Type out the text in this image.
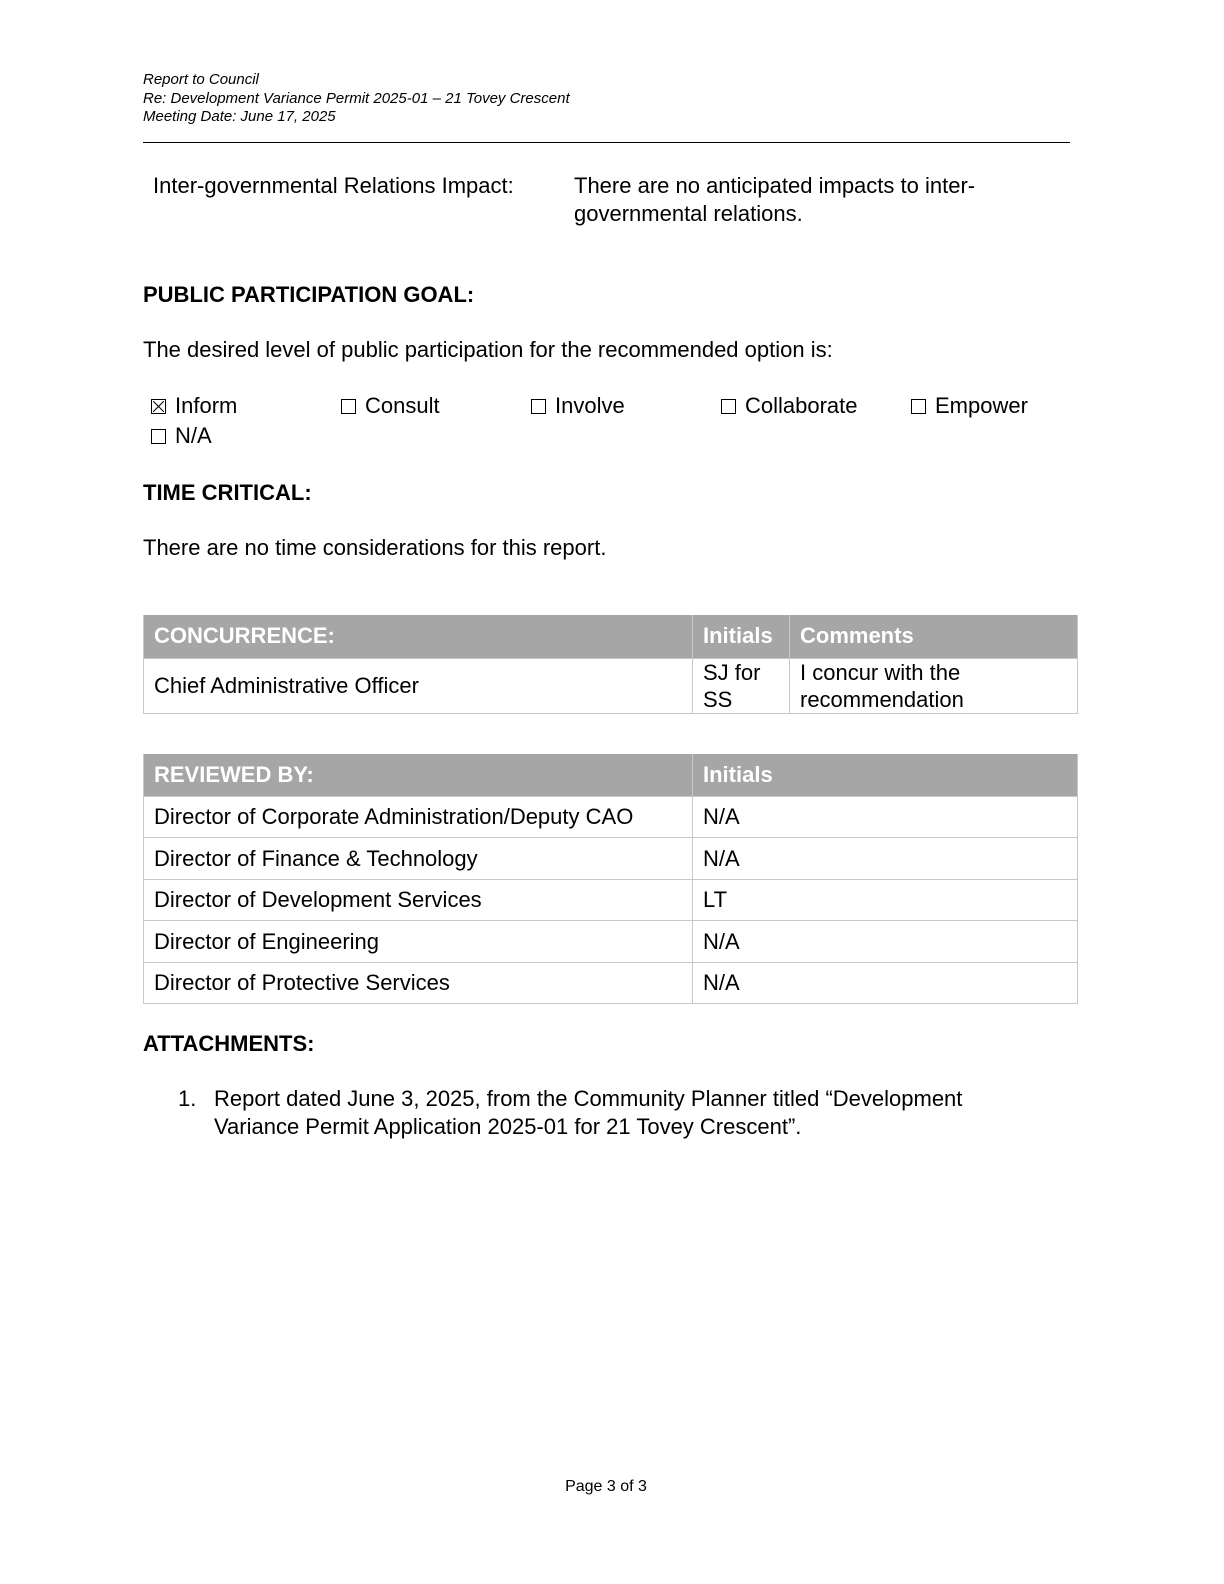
Report to Council
Re: Development Variance Permit 2025-01 – 21 Tovey Crescent
Meeting Date: June 17, 2025
Inter-governmental Relations Impact:	There are no anticipated impacts to inter-governmental relations.
PUBLIC PARTICIPATION GOAL:
The desired level of public participation for the recommended option is:
Inform	Consult	Involve	Collaborate	Empower
N/A
TIME CRITICAL:
There are no time considerations for this report.
CONCURRENCE:	Initials	Comments
Chief Administrative Officer	SJ for SS	I concur with the recommendation
REVIEWED BY:	Initials
Director of Corporate Administration/Deputy CAO	N/A
Director of Finance & Technology	N/A
Director of Development Services	LT
Director of Engineering	N/A
Director of Protective Services	N/A
ATTACHMENTS:
1. Report dated June 3, 2025, from the Community Planner titled “Development Variance Permit Application 2025-01 for 21 Tovey Crescent”.
Page 3 of 3
